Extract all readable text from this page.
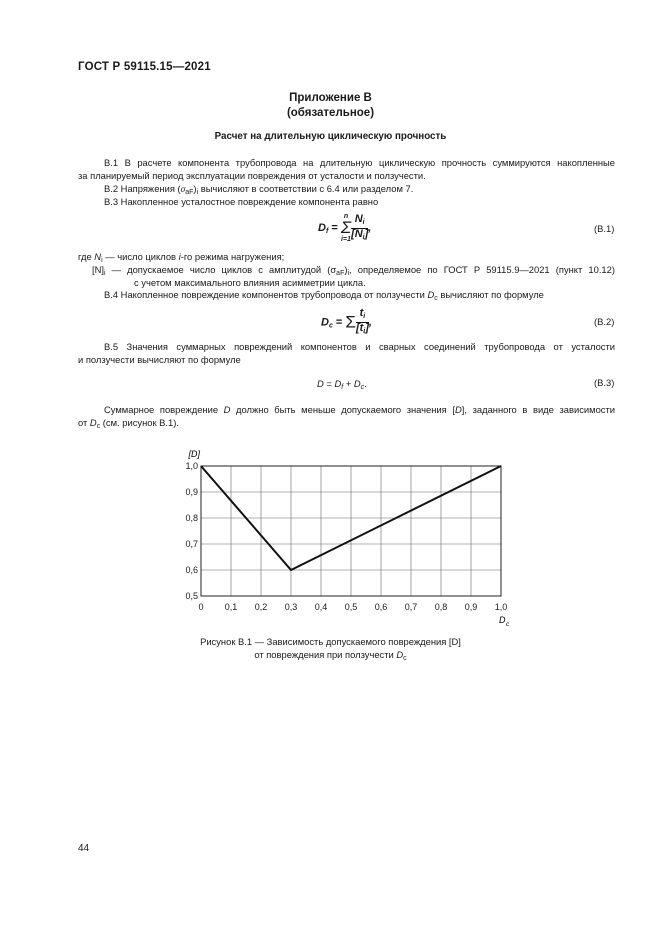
ГОСТ Р 59115.15—2021
Приложение В
(обязательное)
Расчет на длительную циклическую прочность
В.1 В расчете компонента трубопровода на длительную циклическую прочность суммируются накопленные
за планируемый период эксплуатации повреждения от усталости и ползучести.
В.2 Напряжения $(\sigma_{aF})_i$ вычисляют в соответствии с 6.4 или разделом 7.
В.3 Накопленное усталостное повреждение компонента равно
$D_f = n$
Σ
$i=1 \frac{N_i}{[N_i]}$ ,	(В.1)
где $N_i$ — число циклов i-го режима нагружения;
$[N]_i$ — допускаемое число циклов с амплитудой $(\sigma_{aF})_i$, определяемое по ГОСТ Р 59115.9—2021 (пункт 10.12)
с учетом максимального влияния асимметрии цикла.
В.4 Накопленное повреждение компонентов трубопровода от ползучести $D_c$ вычисляют по формуле
$D_c = \Sigma \frac{t_i}{[t_i]}$ ,	(В.2)
В.5 Значения суммарных повреждений компонентов и сварных соединений трубопровода от усталости
и ползучести вычисляют по формуле
$D = D_f + D_c$.	(В.3)
Суммарное повреждение D должно быть меньше допускаемого значения [D], заданного в виде зависимости
от $D_c$ (см. рисунок В.1).
0 0,1 0,2 0,3 0,4 0,5 0,6 0,7 0,8 0,9 1,0
0,5
0,6
0,7
0,8
0,9
1,0
[D]
D c
Рисунок В.1 — Зависимость допускаемого повреждения [D]
от повреждения при ползучести $D_c$
44
